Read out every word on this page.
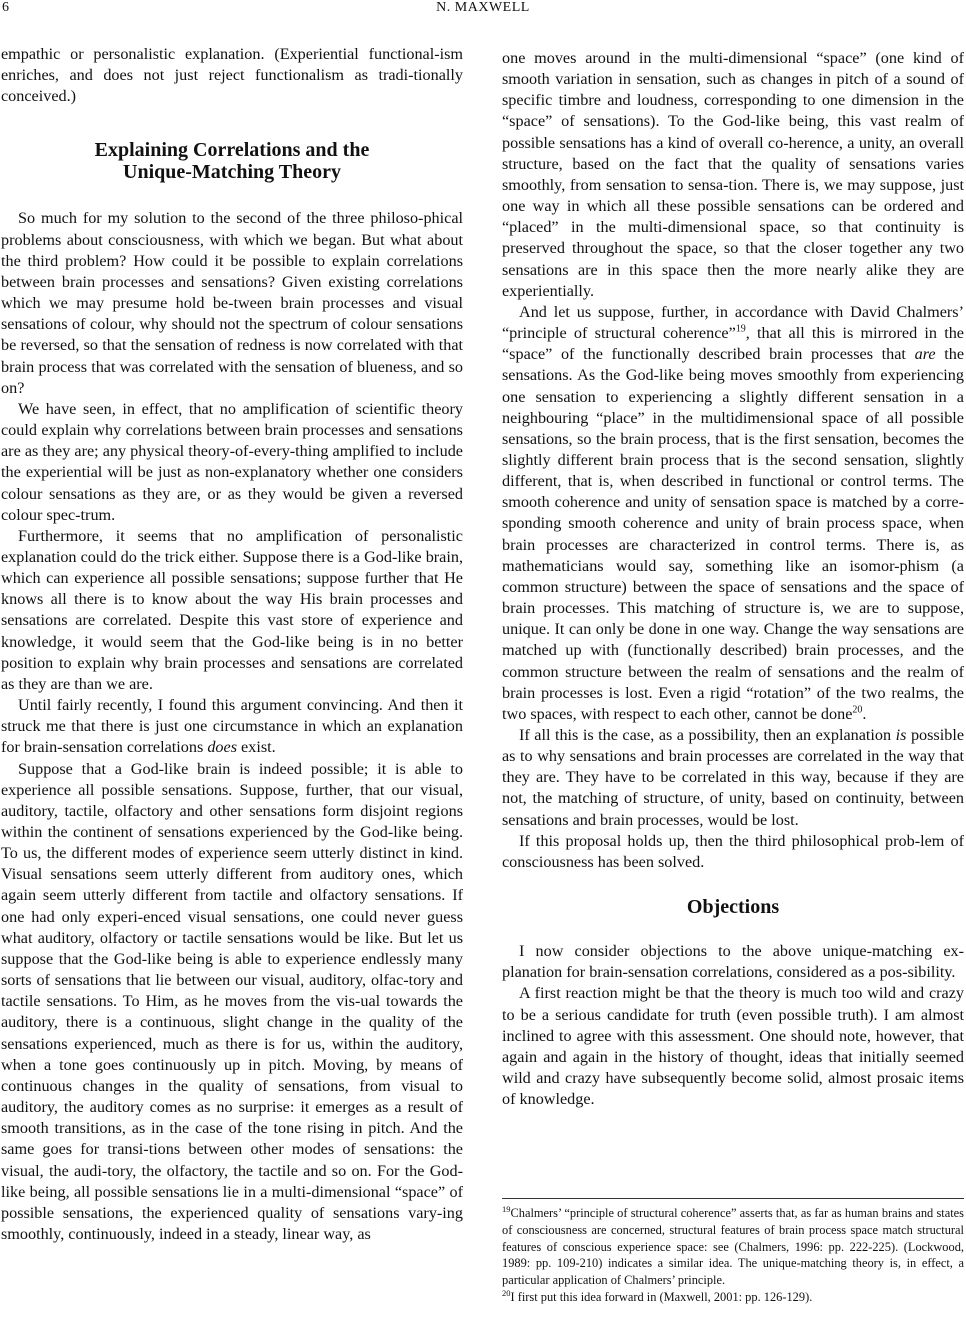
6	N. MAXWELL

empathic or personalistic explanation. (Experiential functional-ism enriches, and does not just reject functionalism as tradi-tionally conceived.)

Explaining Correlations and the
Unique-Matching Theory

So much for my solution to the second of the three philoso-phical problems about consciousness, with which we began. But what about the third problem? How could it be possible to explain correlations between brain processes and sensations? Given existing correlations which we may presume hold be-tween brain processes and visual sensations of colour, why should not the spectrum of colour sensations be reversed, so that the sensation of redness is now correlated with that brain process that was correlated with the sensation of blueness, and so on?

We have seen, in effect, that no amplification of scientific theory could explain why correlations between brain processes and sensations are as they are; any physical theory-of-every-thing amplified to include the experiential will be just as non-explanatory whether one considers colour sensations as they are, or as they would be given a reversed colour spec-trum.

Furthermore, it seems that no amplification of personalistic explanation could do the trick either. Suppose there is a God-like brain, which can experience all possible sensations; suppose further that He knows all there is to know about the way His brain processes and sensations are correlated. Despite this vast store of experience and knowledge, it would seem that the God-like being is in no better position to explain why brain processes and sensations are correlated as they are than we are.

Until fairly recently, I found this argument convincing. And then it struck me that there is just one circumstance in which an explanation for brain-sensation correlations does exist.

Suppose that a God-like brain is indeed possible; it is able to experience all possible sensations. Suppose, further, that our visual, auditory, tactile, olfactory and other sensations form disjoint regions within the continent of sensations experienced by the God-like being. To us, the different modes of experience seem utterly distinct in kind. Visual sensations seem utterly different from auditory ones, which again seem utterly different from tactile and olfactory sensations. If one had only experi-enced visual sensations, one could never guess what auditory, olfactory or tactile sensations would be like. But let us suppose that the God-like being is able to experience endlessly many sorts of sensations that lie between our visual, auditory, olfac-tory and tactile sensations. To Him, as he moves from the vis-ual towards the auditory, there is a continuous, slight change in the quality of the sensations experienced, much as there is for us, within the auditory, when a tone goes continuously up in pitch. Moving, by means of continuous changes in the quality of sensations, from visual to auditory, the auditory comes as no surprise: it emerges as a result of smooth transitions, as in the case of the tone rising in pitch. And the same goes for transi-tions between other modes of sensations: the visual, the audi-tory, the olfactory, the tactile and so on. For the God-like being, all possible sensations lie in a multi-dimensional “space” of possible sensations, the experienced quality of sensations vary-ing smoothly, continuously, indeed in a steady, linear way, as

one moves around in the multi-dimensional “space” (one kind of smooth variation in sensation, such as changes in pitch of a sound of specific timbre and loudness, corresponding to one dimension in the “space” of sensations). To the God-like being, this vast realm of possible sensations has a kind of overall co-herence, a unity, an overall structure, based on the fact that the quality of sensations varies smoothly, from sensation to sensa-tion. There is, we may suppose, just one way in which all these possible sensations can be ordered and “placed” in the multi-dimensional space, so that continuity is preserved throughout the space, so that the closer together any two sensations are in this space then the more nearly alike they are experientially.

And let us suppose, further, in accordance with David Chalmers’ “principle of structural coherence”$^{19}$, that all this is mirrored in the “space” of the functionally described brain processes that are the sensations. As the God-like being moves smoothly from experiencing one sensation to experiencing a slightly different sensation in a neighbouring “place” in the multidimensional space of all possible sensations, so the brain process, that is the first sensation, becomes the slightly different brain process that is the second sensation, slightly different, that is, when described in functional or control terms. The smooth coherence and unity of sensation space is matched by a corre-sponding smooth coherence and unity of brain process space, when brain processes are characterized in control terms. There is, as mathematicians would say, something like an isomor-phism (a common structure) between the space of sensations and the space of brain processes. This matching of structure is, we are to suppose, unique. It can only be done in one way. Change the way sensations are matched up with (functionally described) brain processes, and the common structure between the realm of sensations and the realm of brain processes is lost. Even a rigid “rotation” of the two realms, the two spaces, with respect to each other, cannot be done$^{20}$.

If all this is the case, as a possibility, then an explanation is possible as to why sensations and brain processes are correlated in the way that they are. They have to be correlated in this way, because if they are not, the matching of structure, of unity, based on continuity, between sensations and brain processes, would be lost.

If this proposal holds up, then the third philosophical prob-lem of consciousness has been solved.

Objections

I now consider objections to the above unique-matching ex-planation for brain-sensation correlations, considered as a pos-sibility.

A first reaction might be that the theory is much too wild and crazy to be a serious candidate for truth (even possible truth). I am almost inclined to agree with this assessment. One should note, however, that again and again in the history of thought, ideas that initially seemed wild and crazy have subsequently become solid, almost prosaic items of knowledge.

$^{19}$Chalmers’ “principle of structural coherence” asserts that, as far as human brains and states of consciousness are concerned, structural features of brain process space match structural features of conscious experience space: see (Chalmers, 1996: pp. 222-225). (Lockwood, 1989: pp. 109-210) indicates a similar idea. The unique-matching theory is, in effect, a particular application of Chalmers’ principle.

$^{20}$I first put this idea forward in (Maxwell, 2001: pp. 126-129).
